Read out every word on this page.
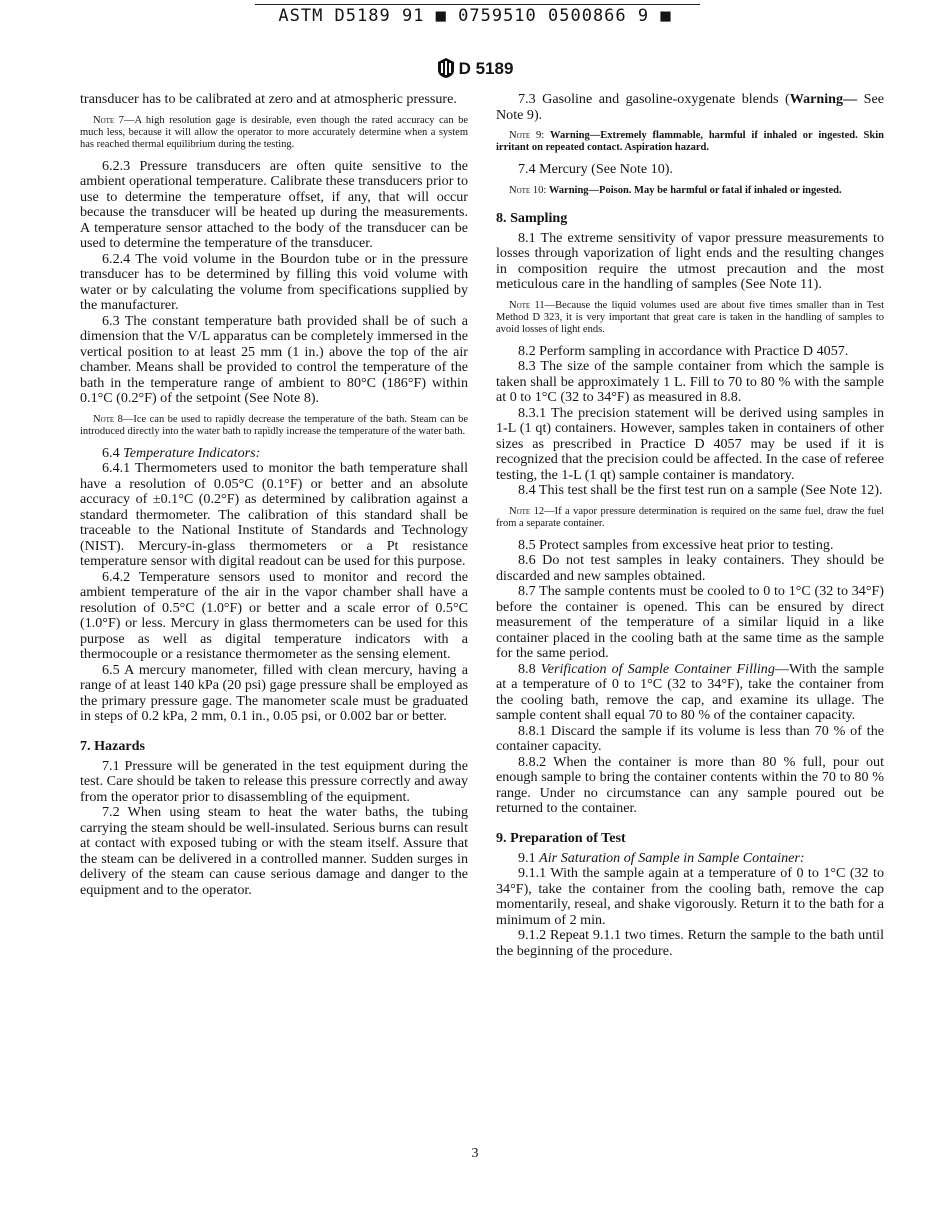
ASTM D5189 91 ■ 0759510 0500866 9 ■
D 5189

transducer has to be calibrated at zero and at atmospheric pressure.

Note 7—A high resolution gage is desirable, even though the rated accuracy can be much less, because it will allow the operator to more accurately determine when a system has reached thermal equilibrium during the testing.

6.2.3 Pressure transducers are often quite sensitive to the ambient operational temperature. Calibrate these transducers prior to use to determine the temperature offset, if any, that will occur because the transducer will be heated up during the measurements. A temperature sensor attached to the body of the transducer can be used to determine the temperature of the transducer.

6.2.4 The void volume in the Bourdon tube or in the pressure transducer has to be determined by filling this void volume with water or by calculating the volume from specifications supplied by the manufacturer.

6.3 The constant temperature bath provided shall be of such a dimension that the V/L apparatus can be completely immersed in the vertical position to at least 25 mm (1 in.) above the top of the air chamber. Means shall be provided to control the temperature of the bath in the temperature range of ambient to 80°C (186°F) within 0.1°C (0.2°F) of the setpoint (See Note 8).

Note 8—Ice can be used to rapidly decrease the temperature of the bath. Steam can be introduced directly into the water bath to rapidly increase the temperature of the water bath.

6.4 Temperature Indicators:

6.4.1 Thermometers used to monitor the bath temperature shall have a resolution of 0.05°C (0.1°F) or better and an absolute accuracy of ±0.1°C (0.2°F) as determined by calibration against a standard thermometer. The calibration of this standard shall be traceable to the National Institute of Standards and Technology (NIST). Mercury-in-glass thermometers or a Pt resistance temperature sensor with digital readout can be used for this purpose.

6.4.2 Temperature sensors used to monitor and record the ambient temperature of the air in the vapor chamber shall have a resolution of 0.5°C (1.0°F) or better and a scale error of 0.5°C (1.0°F) or less. Mercury in glass thermometers can be used for this purpose as well as digital temperature indicators with a thermocouple or a resistance thermometer as the sensing element.

6.5 A mercury manometer, filled with clean mercury, having a range of at least 140 kPa (20 psi) gage pressure shall be employed as the primary pressure gage. The manometer scale must be graduated in steps of 0.2 kPa, 2 mm, 0.1 in., 0.05 psi, or 0.002 bar or better.

7. Hazards

7.1 Pressure will be generated in the test equipment during the test. Care should be taken to release this pressure correctly and away from the operator prior to disassembling of the equipment.

7.2 When using steam to heat the water baths, the tubing carrying the steam should be well-insulated. Serious burns can result at contact with exposed tubing or with the steam itself. Assure that the steam can be delivered in a controlled manner. Sudden surges in delivery of the steam can cause serious damage and danger to the equipment and to the operator.

7.3 Gasoline and gasoline-oxygenate blends (Warning— See Note 9).

Note 9: Warning—Extremely flammable, harmful if inhaled or ingested. Skin irritant on repeated contact. Aspiration hazard.

7.4 Mercury (See Note 10).

Note 10: Warning—Poison. May be harmful or fatal if inhaled or ingested.

8. Sampling

8.1 The extreme sensitivity of vapor pressure measurements to losses through vaporization of light ends and the resulting changes in composition require the utmost precaution and the most meticulous care in the handling of samples (See Note 11).

Note 11—Because the liquid volumes used are about five times smaller than in Test Method D 323, it is very important that great care is taken in the handling of samples to avoid losses of light ends.

8.2 Perform sampling in accordance with Practice D 4057.

8.3 The size of the sample container from which the sample is taken shall be approximately 1 L. Fill to 70 to 80 % with the sample at 0 to 1°C (32 to 34°F) as measured in 8.8.

8.3.1 The precision statement will be derived using samples in 1-L (1 qt) containers. However, samples taken in containers of other sizes as prescribed in Practice D 4057 may be used if it is recognized that the precision could be affected. In the case of referee testing, the 1-L (1 qt) sample container is mandatory.

8.4 This test shall be the first test run on a sample (See Note 12).

Note 12—If a vapor pressure determination is required on the same fuel, draw the fuel from a separate container.

8.5 Protect samples from excessive heat prior to testing.

8.6 Do not test samples in leaky containers. They should be discarded and new samples obtained.

8.7 The sample contents must be cooled to 0 to 1°C (32 to 34°F) before the container is opened. This can be ensured by direct measurement of the temperature of a similar liquid in a like container placed in the cooling bath at the same time as the sample for the same period.

8.8 Verification of Sample Container Filling—With the sample at a temperature of 0 to 1°C (32 to 34°F), take the container from the cooling bath, remove the cap, and examine its ullage. The sample content shall equal 70 to 80 % of the container capacity.

8.8.1 Discard the sample if its volume is less than 70 % of the container capacity.

8.8.2 When the container is more than 80 % full, pour out enough sample to bring the container contents within the 70 to 80 % range. Under no circumstance can any sample poured out be returned to the container.

9. Preparation of Test

9.1 Air Saturation of Sample in Sample Container:

9.1.1 With the sample again at a temperature of 0 to 1°C (32 to 34°F), take the container from the cooling bath, remove the cap momentarily, reseal, and shake vigorously. Return it to the bath for a minimum of 2 min.

9.1.2 Repeat 9.1.1 two times. Return the sample to the bath until the beginning of the procedure.

3
